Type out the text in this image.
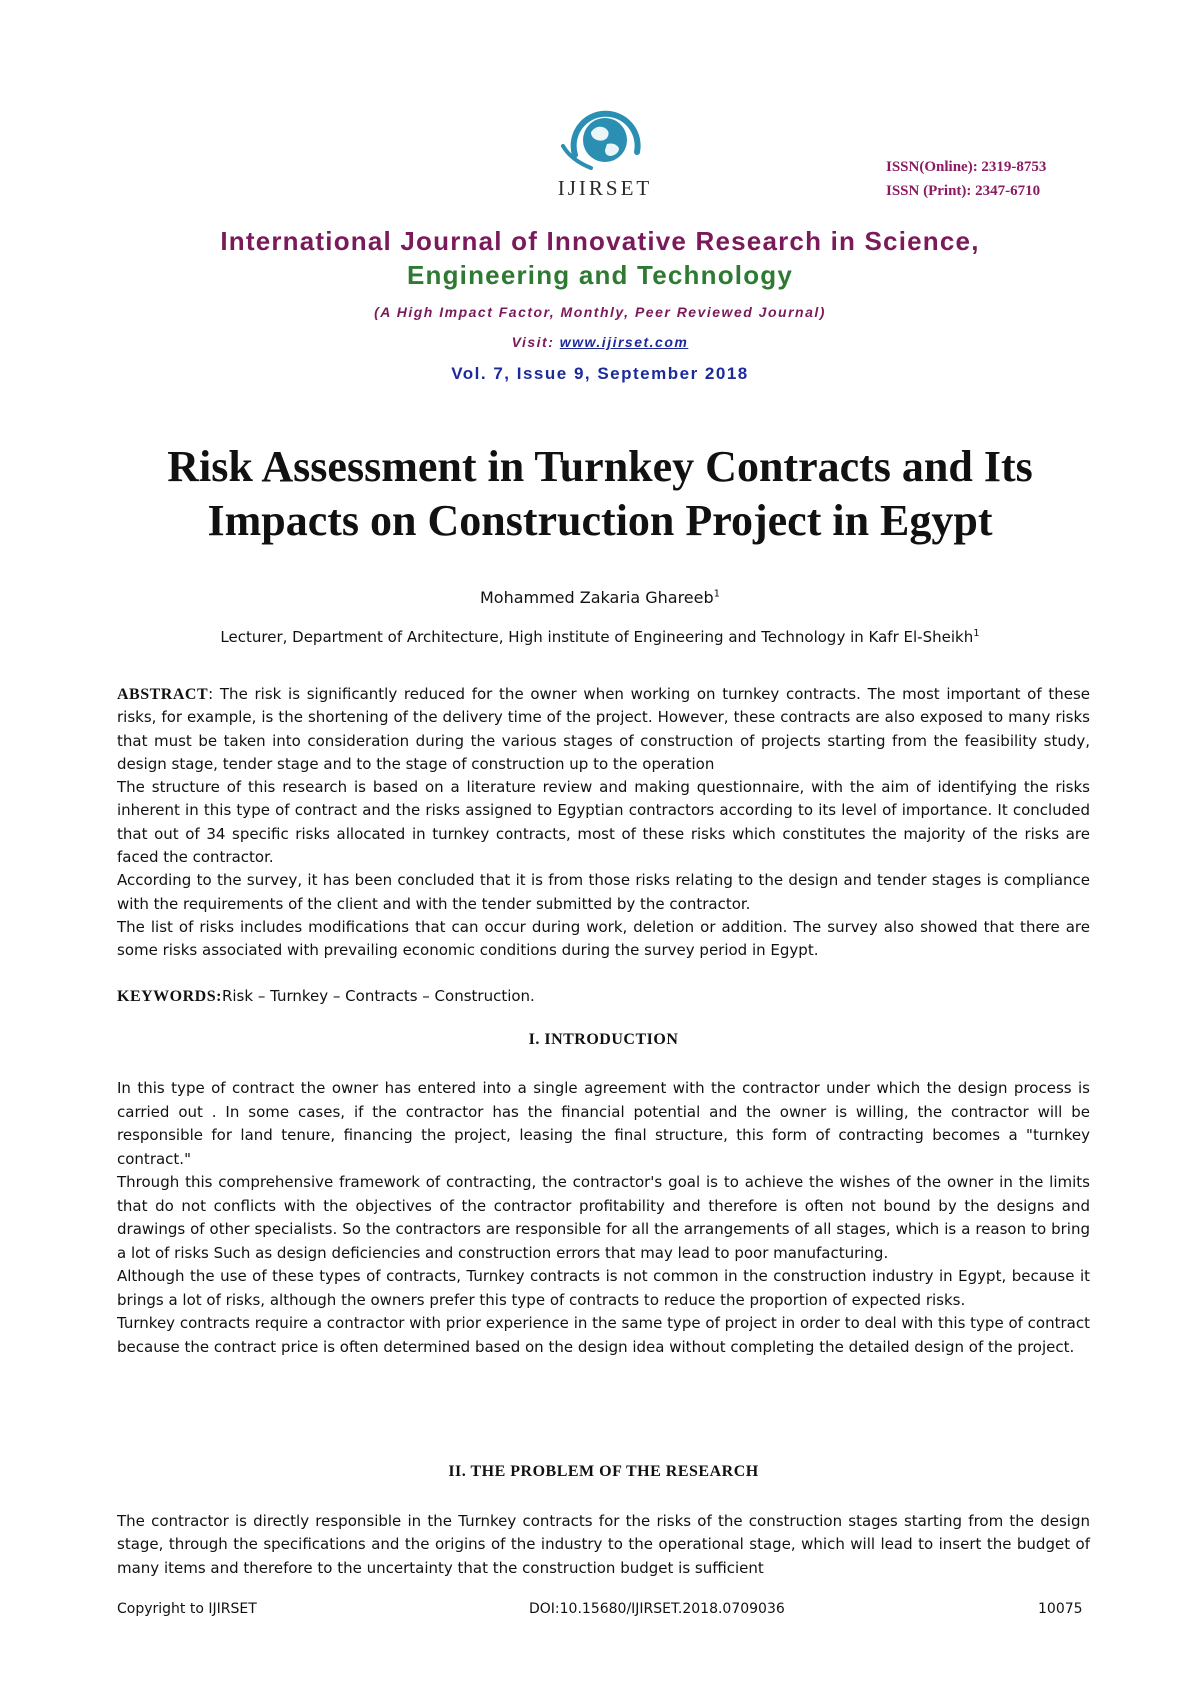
IJIRSET
ISSN(Online): 2319-8753
ISSN (Print): 2347-6710
International Journal of Innovative Research in Science,
Engineering and Technology
(A High Impact Factor, Monthly, Peer Reviewed Journal)
Visit: www.ijirset.com
Vol. 7, Issue 9, September 2018
Risk Assessment in Turnkey Contracts and Its
Impacts on Construction Project in Egypt
Mohammed Zakaria Ghareeb$^1$
Lecturer, Department of Architecture, High institute of Engineering and Technology in Kafr El-Sheikh$^1$

ABSTRACT: The risk is significantly reduced for the owner when working on turnkey contracts. The most important of these risks, for example, is the shortening of the delivery time of the project. However, these contracts are also exposed to many risks that must be taken into consideration during the various stages of construction of projects starting from the feasibility study, design stage, tender stage and to the stage of construction up to the operation

The structure of this research is based on a literature review and making questionnaire, with the aim of identifying the risks inherent in this type of contract and the risks assigned to Egyptian contractors according to its level of importance. It concluded that out of 34 specific risks allocated in turnkey contracts, most of these risks which constitutes the majority of the risks are faced the contractor.

According to the survey, it has been concluded that it is from those risks relating to the design and tender stages is compliance with the requirements of the client and with the tender submitted by the contractor.

The list of risks includes modifications that can occur during work, deletion or addition. The survey also showed that there are some risks associated with prevailing economic conditions during the survey period in Egypt.

KEYWORDS:Risk – Turnkey – Contracts – Construction.
I. INTRODUCTION

In this type of contract the owner has entered into a single agreement with the contractor under which the design process is carried out . In some cases, if the contractor has the financial potential and the owner is willing, the contractor will be responsible for land tenure, financing the project, leasing the final structure, this form of contracting becomes a "turnkey contract."

Through this comprehensive framework of contracting, the contractor's goal is to achieve the wishes of the owner in the limits that do not conflicts with the objectives of the contractor profitability and therefore is often not bound by the designs and drawings of other specialists. So the contractors are responsible for all the arrangements of all stages, which is a reason to bring a lot of risks Such as design deficiencies and construction errors that may lead to poor manufacturing.

Although the use of these types of contracts, Turnkey contracts is not common in the construction industry in Egypt, because it brings a lot of risks, although the owners prefer this type of contracts to reduce the proportion of expected risks.

Turnkey contracts require a contractor with prior experience in the same type of project in order to deal with this type of contract because the contract price is often determined based on the design idea without completing the detailed design of the project.

II. THE PROBLEM OF THE RESEARCH

The contractor is directly responsible in the Turnkey contracts for the risks of the construction stages starting from the design stage, through the specifications and the origins of the industry to the operational stage, which will lead to insert the budget of many items and therefore to the uncertainty that the construction budget is sufficient

Copyright to IJIRSET	DOI:10.15680/IJIRSET.2018.0709036	10075
